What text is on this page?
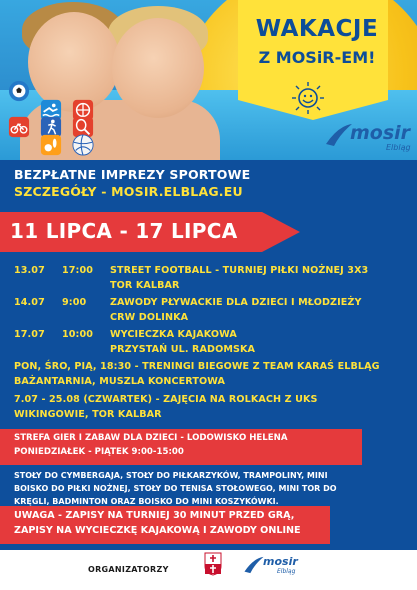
WAKACJE
Z MOSiR-EM!
mosir
Elbląg
BEZPŁATNE IMPREZY SPORTOWE
SZCZEGÓŁY - MOSIR.ELBLAG.EU
11 LIPCA - 17 LIPCA
13.07 17:00 STREET FOOTBALL - TURNIEJ PIŁKI NOŻNEJ 3X3
TOR KALBAR
14.07 9:00 ZAWODY PŁYWACKIE DLA DZIECI I MŁODZIEŻY
CRW DOLINKA
17.07 10:00 WYCIECZKA KAJAKOWA
PRZYSTAŃ UL. RADOMSKA
PON, ŚRO, PIĄ, 18:30 - TRENINGI BIEGOWE Z TEAM KARAŚ ELBLĄG
BAŻANTARNIA, MUSZLA KONCERTOWA
7.07 - 25.08 (CZWARTEK) - ZAJĘCIA NA ROLKACH Z UKS
WIKINGOWIE, TOR KALBAR
STREFA GIER I ZABAW DLA DZIECI - LODOWISKO HELENA
PONIEDZIAŁEK - PIĄTEK 9:00-15:00
STOŁY DO CYMBERGAJA, STOŁY DO PIŁKARZYKÓW, TRAMPOLINY, MINI
BOISKO DO PIŁKI NOŻNEJ, STOŁY DO TENISA STOŁOWEGO, MINI TOR DO
KRĘGLI, BADMINTON ORAZ BOISKO DO MINI KOSZYKÓWKI.
UWAGA - ZAPISY NA TURNIEJ 30 MINUT PRZED GRĄ,
ZAPISY NA WYCIECZKĘ KAJAKOWĄ I ZAWODY ONLINE
ORGANIZATORZY
mosir
Elbląg
